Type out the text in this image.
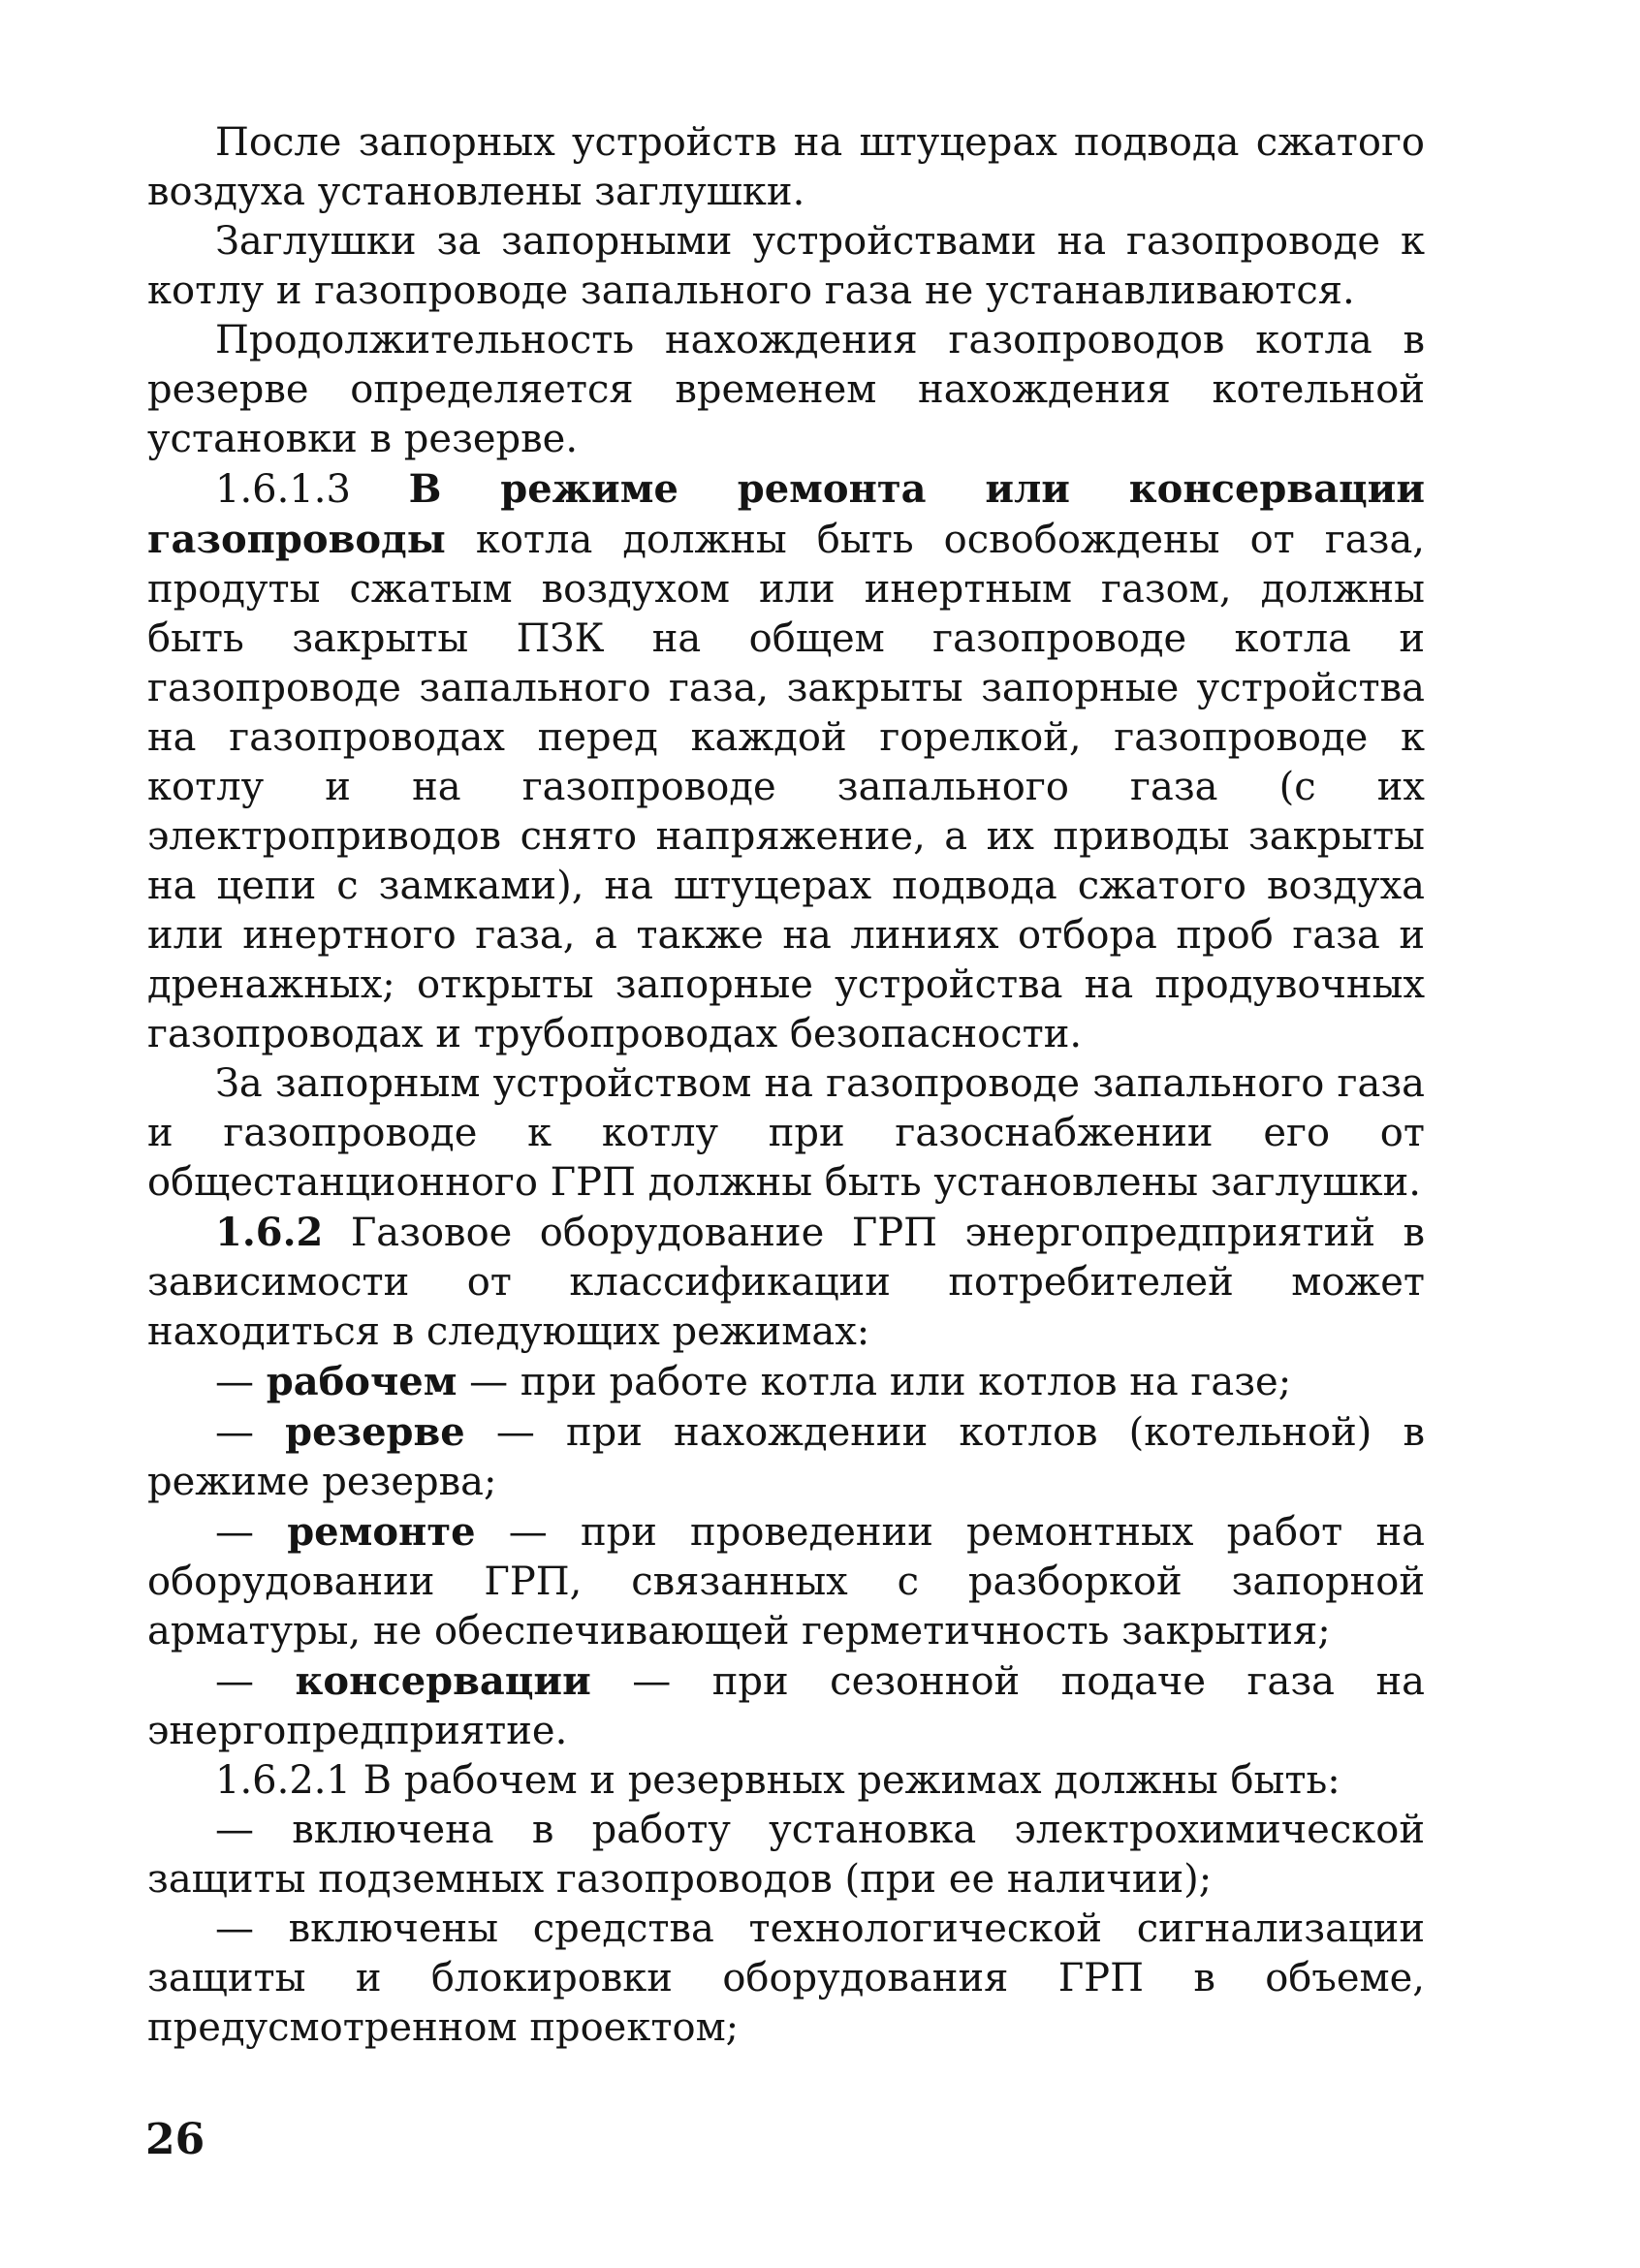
После запорных устройств на штуцерах подвода сжатого воздуха установлены заглушки.

Заглушки за запорными устройствами на газопроводе к котлу и газопроводе запального газа не устанавливаются.

Продолжительность нахождения газопроводов котла в резерве определяется временем нахождения котельной установки в резерве.

1.6.1.3 В режиме ремонта или консервации газопроводы котла должны быть освобождены от газа, продуты сжатым воздухом или инертным газом, должны быть закрыты ПЗК на общем газопроводе котла и газопроводе запального газа, закрыты запорные устройства на газопроводах перед каждой горелкой, газопроводе к котлу и на газопроводе запального газа (с их электроприводов снято напряжение, а их приводы закрыты на цепи с замками), на штуцерах подвода сжатого воздуха или инертного газа, а также на линиях отбора проб газа и дренажных; открыты запорные устройства на продувочных газопроводах и трубопроводах безопасности.

За запорным устройством на газопроводе запального газа и газопроводе к котлу при газоснабжении его от общестанционного ГРП должны быть установлены заглушки.

1.6.2 Газовое оборудование ГРП энергопредприятий в зависимости от классификации потребителей может находиться в следующих режимах:

— рабочем — при работе котла или котлов на газе;

— резерве — при нахождении котлов (котельной) в режиме резерва;

— ремонте — при проведении ремонтных работ на оборудовании ГРП, связанных с разборкой запорной арматуры, не обеспечивающей герметичность закрытия;

— консервации — при сезонной подаче газа на энергопредприятие.

1.6.2.1 В рабочем и резервных режимах должны быть:

— включена в работу установка электрохимической защиты подземных газопроводов (при ее наличии);

— включены средства технологической сигнализации защиты и блокировки оборудования ГРП в объеме, предусмотренном проектом;

26
